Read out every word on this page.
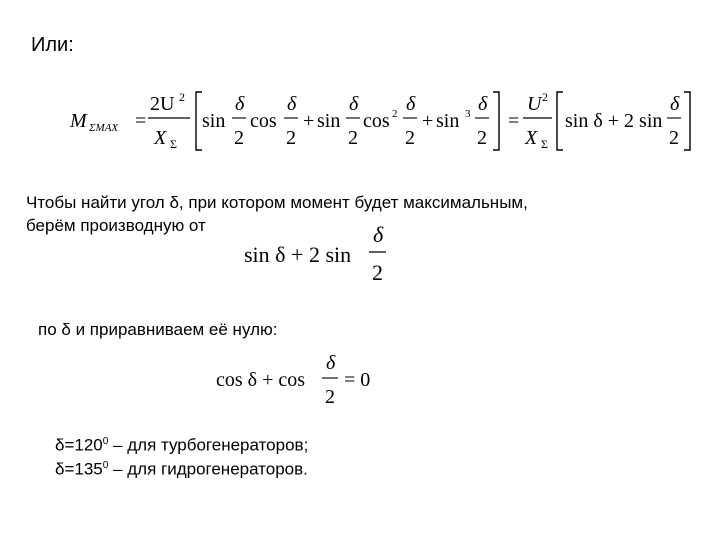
Или:
M ΣMAX =
2U 2
X Σ
sin
δ
2
cos
δ
2
+ sin
δ
2
cos 2 δ
2
+ sin 3 δ
2
=
U 2
X Σ
sin δ + 2 sin
δ
2
Чтобы найти угол δ, при котором момент будет максимальным,
берём производную от
sin δ + 2 sin
δ
2
по δ и приравниваем её нулю:
cos δ + cos
δ
2
= 0
$\delta=120^0$ – для турбогенераторов;
$\delta=135^0$ – для гидрогенераторов.
